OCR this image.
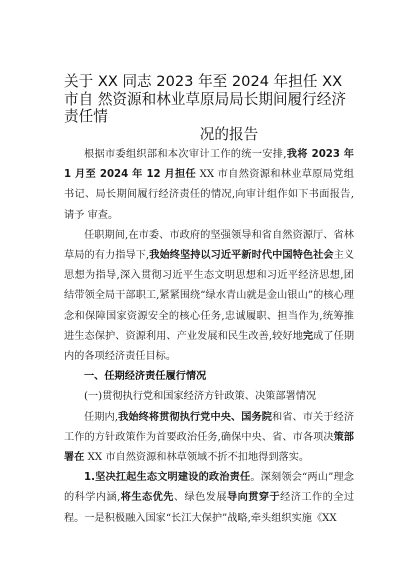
关于 XX 同志 2023 年至 2024 年担任 XX 市自 然资源和林业草原局局长期间履行经济责任情
况的报告

根据市委组织部和本次审计工作的统一安排,我将 2023 年 1 月至 2024 年 12 月担任 XX 市自然资源和林业草原局党组书记、局长期间履行经济责任的情况,向审计组作如下书面报告,请予 审查。

任职期间,在市委、市政府的坚强领导和省自然资源厅、省林草局的有力指导下,我始终坚持以习近平新时代中国特色社会主义思想为指导,深入贯彻习近平生态文明思想和习近平经济思想,团结带领全局干部职工,紧紧围绕“绿水青山就是金山银山”的核心理念和保障国家资源安全的核心任务,忠诚履职、担当作为,统筹推进生态保护、资源利用、产业发展和民生改善,较好地完成了任期内的各项经济责任目标。

一、任期经济责任履行情况

(一)贯彻执行党和国家经济方针政策、决策部署情况

任期内,我始终将贯彻执行党中央、国务院和省、市关于经济工作的方针政策作为首要政治任务,确保中央、省、市各项决策部署在 XX 市自然资源和林草领域不折不扣地得到落实。

1.坚决扛起生态文明建设的政治责任。深刻领会“两山”理念的科学内涵,将生态优先、绿色发展导向贯穿于经济工作的全过程。一是积极融入国家“长江大保护”战略,牵头组织实施《XX
